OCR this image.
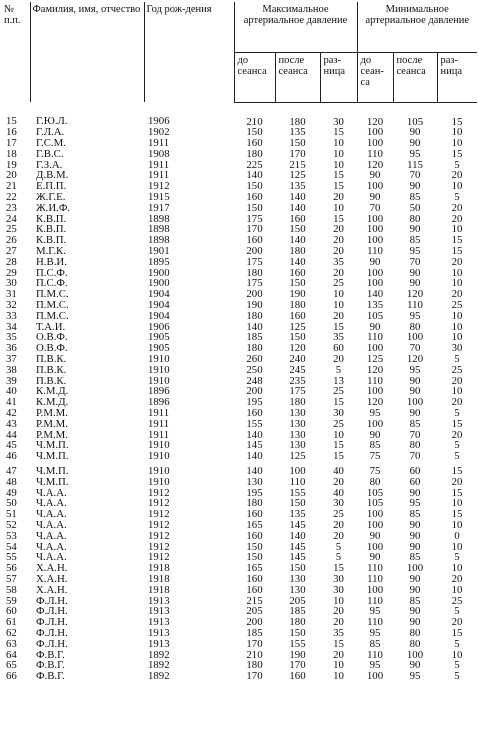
№ п.п.	Фамилия, имя, отчество	Год рож-дения	Максимальное артериальное давление			Минимальное артериальное давление		
			до сеанса	после сеанса	раз-ница	до сеан-са	после сеанса	раз-ница
15	Г.Ю.Л.	1906	210	180	30	120	105	15
16	Г.Л.А.	1902	150	135	15	100	90	10
17	Г.С.М.	1911	160	150	10	100	90	10
18	Г.В.С.	1908	180	170	10	110	95	15
19	Г.З.А.	1911	225	215	10	120	115	5
20	Д.В.М.	1911	140	125	15	90	70	20
21	Е.П.П.	1912	150	135	15	100	90	10
22	Ж.Г.Е.	1915	160	140	20	90	85	5
23	Ж.И.Ф.	1917	150	140	10	70	50	20
24	К.В.П.	1898	175	160	15	100	80	20
25	К.В.П.	1898	170	150	20	100	90	10
26	К.В.П.	1898	160	140	20	100	85	15
27	М.Г.К.	1901	200	180	20	110	95	15
28	Н.В.И.	1895	175	140	35	90	70	20
29	П.С.Ф.	1900	180	160	20	100	90	10
30	П.С.Ф.	1900	175	150	25	100	90	10
31	П.М.С.	1904	200	190	10	140	120	20
32	П.М.С.	1904	190	180	10	135	110	25
33	П.М.С.	1904	180	160	20	105	95	10
34	Т.А.И.	1906	140	125	15	90	80	10
35	О.В.Ф.	1905	185	150	35	110	100	10
36	О.В.Ф.	1905	180	120	60	100	70	30
37	П.В.К.	1910	260	240	20	125	120	5
38	П.В.К.	1910	250	245	5	120	95	25
39	П.В.К.	1910	248	235	13	110	90	20
40	К.М.Д.	1896	200	175	25	100	90	10
41	К.М.Д.	1896	195	180	15	120	100	20
42	Р.М.М.	1911	160	130	30	95	90	5
43	Р.М.М.	1911	155	130	25	100	85	15
44	Р.М.М.	1911	140	130	10	90	70	20
45	Ч.М.П.	1910	145	130	15	85	80	5
46	Ч.М.П.	1910	140	125	15	75	70	5
47	Ч.М.П.	1910	140	100	40	75	60	15
48	Ч.М.П.	1910	130	110	20	80	60	20
49	Ч.А.А.	1912	195	155	40	105	90	15
50	Ч.А.А.	1912	180	150	30	105	95	10
51	Ч.А.А.	1912	160	135	25	100	85	15
52	Ч.А.А.	1912	165	145	20	100	90	10
53	Ч.А.А.	1912	160	140	20	90	90	0
54	Ч.А.А.	1912	150	145	5	100	90	10
55	Ч.А.А.	1912	150	145	5	90	85	5
56	Х.А.Н.	1918	165	150	15	110	100	10
57	Х.А.Н.	1918	160	130	30	110	90	20
58	Х.А.Н.	1918	160	130	30	100	90	10
59	Ф.Л.Н.	1913	215	205	10	110	85	25
60	Ф.Л.Н.	1913	205	185	20	95	90	5
61	Ф.Л.Н.	1913	200	180	20	110	90	20
62	Ф.Л.Н.	1913	185	150	35	95	80	15
63	Ф.Л.Н.	1913	170	155	15	85	80	5
64	Ф.В.Г.	1892	210	190	20	110	100	10
65	Ф.В.Г.	1892	180	170	10	95	90	5
66	Ф.В.Г.	1892	170	160	10	100	95	5
